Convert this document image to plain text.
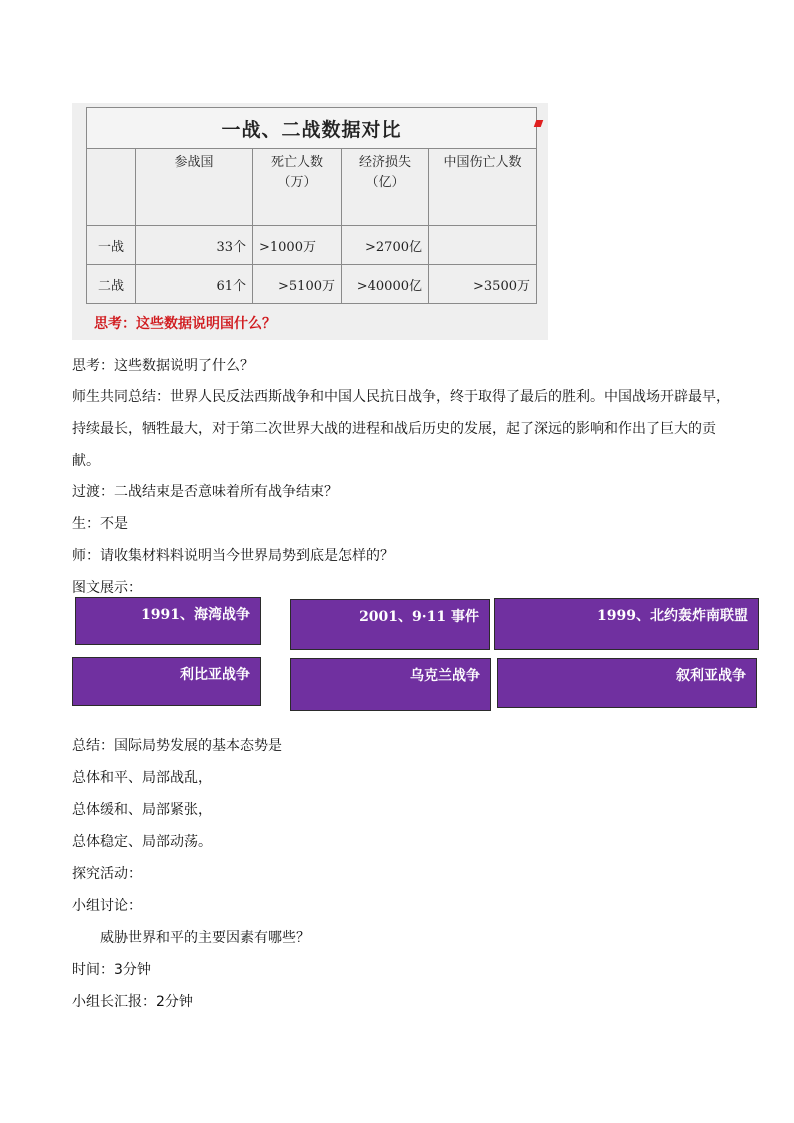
一战、二战数据对比				
	参战国	死亡人数（万）	经济损失（亿）	中国伤亡人数
一战	33个	>1000万	>2700亿	
二战	61个	>5100万	>40000亿	>3500万
思考：这些数据说明国什么？

思考：这些数据说明了什么？

师生共同总结：世界人民反法西斯战争和中国人民抗日战争，终于取得了最后的胜利。中国战场开辟最早，持续最长，牺牲最大，对于第二次世界大战的进程和战后历史的发展，起了深远的影响和作出了巨大的贡献。

过渡：二战结束是否意味着所有战争结束？

生：不是

师：请收集材料料说明当今世界局势到底是怎样的？

图文展示：

1991、海湾战争	2001、9·11 事件	1999、北约轰炸南联盟
利比亚战争	乌克兰战争	叙利亚战争

总结：国际局势发展的基本态势是

总体和平、局部战乱，

总体缓和、局部紧张，

总体稳定、局部动荡。

探究活动：

小组讨论：

威胁世界和平的主要因素有哪些？

时间：3分钟

小组长汇报：2分钟
